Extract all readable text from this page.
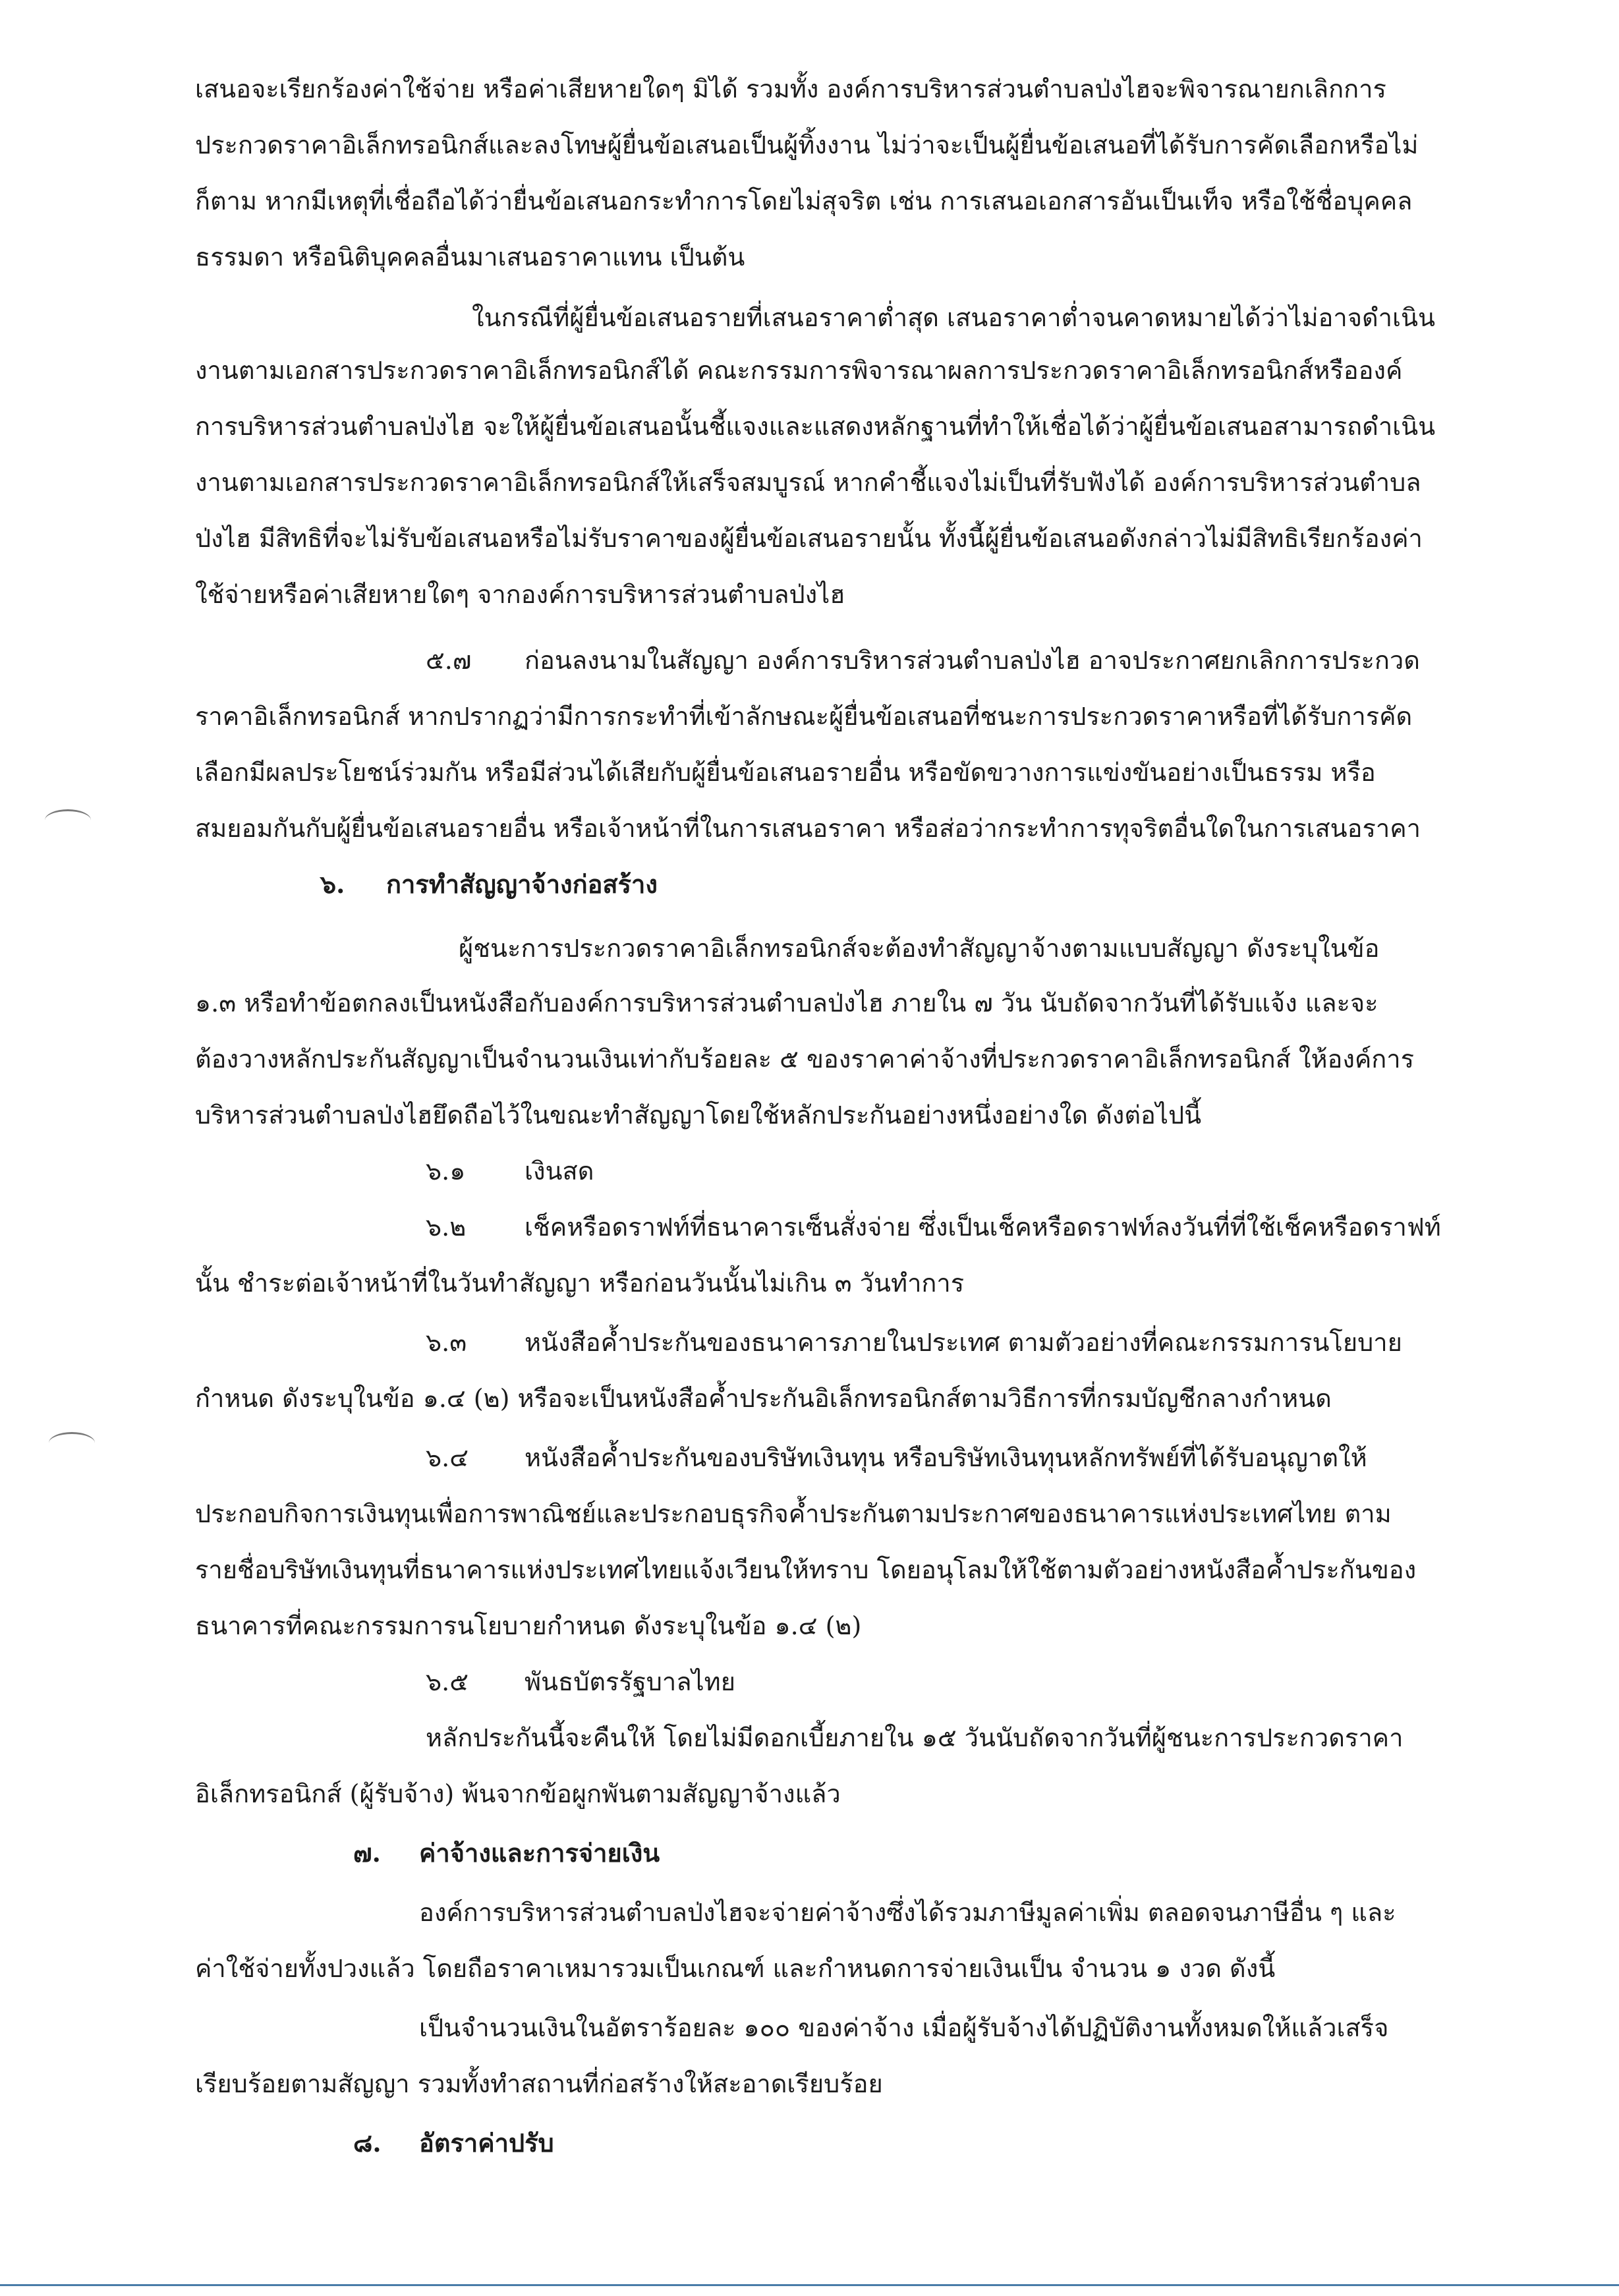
เสนอจะเรียกร้องค่าใช้จ่าย หรือค่าเสียหายใดๆ มิได้ รวมทั้ง องค์การบริหารส่วนตำบลป่งไฮจะพิจารณายกเลิกการ

ประกวดราคาอิเล็กทรอนิกส์และลงโทษผู้ยื่นข้อเสนอเป็นผู้ทิ้งงาน ไม่ว่าจะเป็นผู้ยื่นข้อเสนอที่ได้รับการคัดเลือกหรือไม่

ก็ตาม หากมีเหตุที่เชื่อถือได้ว่ายื่นข้อเสนอกระทำการโดยไม่สุจริต เช่น การเสนอเอกสารอันเป็นเท็จ หรือใช้ชื่อบุคคล

ธรรมดา หรือนิติบุคคลอื่นมาเสนอราคาแทน เป็นต้น

ในกรณีที่ผู้ยื่นข้อเสนอรายที่เสนอราคาต่ำสุด เสนอราคาต่ำจนคาดหมายได้ว่าไม่อาจดำเนิน

งานตามเอกสารประกวดราคาอิเล็กทรอนิกส์ได้ คณะกรรมการพิจารณาผลการประกวดราคาอิเล็กทรอนิกส์หรือองค์

การบริหารส่วนตำบลป่งไฮ จะให้ผู้ยื่นข้อเสนอนั้นชี้แจงและแสดงหลักฐานที่ทำให้เชื่อได้ว่าผู้ยื่นข้อเสนอสามารถดำเนิน

งานตามเอกสารประกวดราคาอิเล็กทรอนิกส์ให้เสร็จสมบูรณ์ หากคำชี้แจงไม่เป็นที่รับฟังได้ องค์การบริหารส่วนตำบล

ป่งไฮ มีสิทธิที่จะไม่รับข้อเสนอหรือไม่รับราคาของผู้ยื่นข้อเสนอรายนั้น ทั้งนี้ผู้ยื่นข้อเสนอดังกล่าวไม่มีสิทธิเรียกร้องค่า

ใช้จ่ายหรือค่าเสียหายใดๆ จากองค์การบริหารส่วนตำบลป่งไฮ

๕.๗ ก่อนลงนามในสัญญา องค์การบริหารส่วนตำบลป่งไฮ อาจประกาศยกเลิกการประกวด

ราคาอิเล็กทรอนิกส์ หากปรากฏว่ามีการกระทำที่เข้าลักษณะผู้ยื่นข้อเสนอที่ชนะการประกวดราคาหรือที่ได้รับการคัด

เลือกมีผลประโยชน์ร่วมกัน หรือมีส่วนได้เสียกับผู้ยื่นข้อเสนอรายอื่น หรือขัดขวางการแข่งขันอย่างเป็นธรรม หรือ

สมยอมกันกับผู้ยื่นข้อเสนอรายอื่น หรือเจ้าหน้าที่ในการเสนอราคา หรือส่อว่ากระทำการทุจริตอื่นใดในการเสนอราคา

๖. การทำสัญญาจ้างก่อสร้าง

ผู้ชนะการประกวดราคาอิเล็กทรอนิกส์จะต้องทำสัญญาจ้างตามแบบสัญญา ดังระบุในข้อ

๑.๓ หรือทำข้อตกลงเป็นหนังสือกับองค์การบริหารส่วนตำบลป่งไฮ ภายใน ๗ วัน นับถัดจากวันที่ได้รับแจ้ง และจะ

ต้องวางหลักประกันสัญญาเป็นจำนวนเงินเท่ากับร้อยละ ๕ ของราคาค่าจ้างที่ประกวดราคาอิเล็กทรอนิกส์ ให้องค์การ

บริหารส่วนตำบลป่งไฮยึดถือไว้ในขณะทำสัญญาโดยใช้หลักประกันอย่างหนึ่งอย่างใด ดังต่อไปนี้

๖.๑ เงินสด

๖.๒ เช็คหรือดราฟท์ที่ธนาคารเซ็นสั่งจ่าย ซึ่งเป็นเช็คหรือดราฟท์ลงวันที่ที่ใช้เช็คหรือดราฟท์

นั้น ชำระต่อเจ้าหน้าที่ในวันทำสัญญา หรือก่อนวันนั้นไม่เกิน ๓ วันทำการ

๖.๓ หนังสือค้ำประกันของธนาคารภายในประเทศ ตามตัวอย่างที่คณะกรรมการนโยบาย

กำหนด ดังระบุในข้อ ๑.๔ (๒) หรือจะเป็นหนังสือค้ำประกันอิเล็กทรอนิกส์ตามวิธีการที่กรมบัญชีกลางกำหนด

๖.๔ หนังสือค้ำประกันของบริษัทเงินทุน หรือบริษัทเงินทุนหลักทรัพย์ที่ได้รับอนุญาตให้

ประกอบกิจการเงินทุนเพื่อการพาณิชย์และประกอบธุรกิจค้ำประกันตามประกาศของธนาคารแห่งประเทศไทย ตาม

รายชื่อบริษัทเงินทุนที่ธนาคารแห่งประเทศไทยแจ้งเวียนให้ทราบ โดยอนุโลมให้ใช้ตามตัวอย่างหนังสือค้ำประกันของ

ธนาคารที่คณะกรรมการนโยบายกำหนด ดังระบุในข้อ ๑.๔ (๒)

๖.๕ พันธบัตรรัฐบาลไทย

หลักประกันนี้จะคืนให้ โดยไม่มีดอกเบี้ยภายใน ๑๕ วันนับถัดจากวันที่ผู้ชนะการประกวดราคา

อิเล็กทรอนิกส์ (ผู้รับจ้าง) พ้นจากข้อผูกพันตามสัญญาจ้างแล้ว

๗. ค่าจ้างและการจ่ายเงิน

องค์การบริหารส่วนตำบลป่งไฮจะจ่ายค่าจ้างซึ่งได้รวมภาษีมูลค่าเพิ่ม ตลอดจนภาษีอื่น ๆ และ

ค่าใช้จ่ายทั้งปวงแล้ว โดยถือราคาเหมารวมเป็นเกณฑ์ และกำหนดการจ่ายเงินเป็น จำนวน ๑ งวด ดังนี้

เป็นจำนวนเงินในอัตราร้อยละ ๑๐๐ ของค่าจ้าง เมื่อผู้รับจ้างได้ปฏิบัติงานทั้งหมดให้แล้วเสร็จ

เรียบร้อยตามสัญญา รวมทั้งทำสถานที่ก่อสร้างให้สะอาดเรียบร้อย

๘. อัตราค่าปรับ
